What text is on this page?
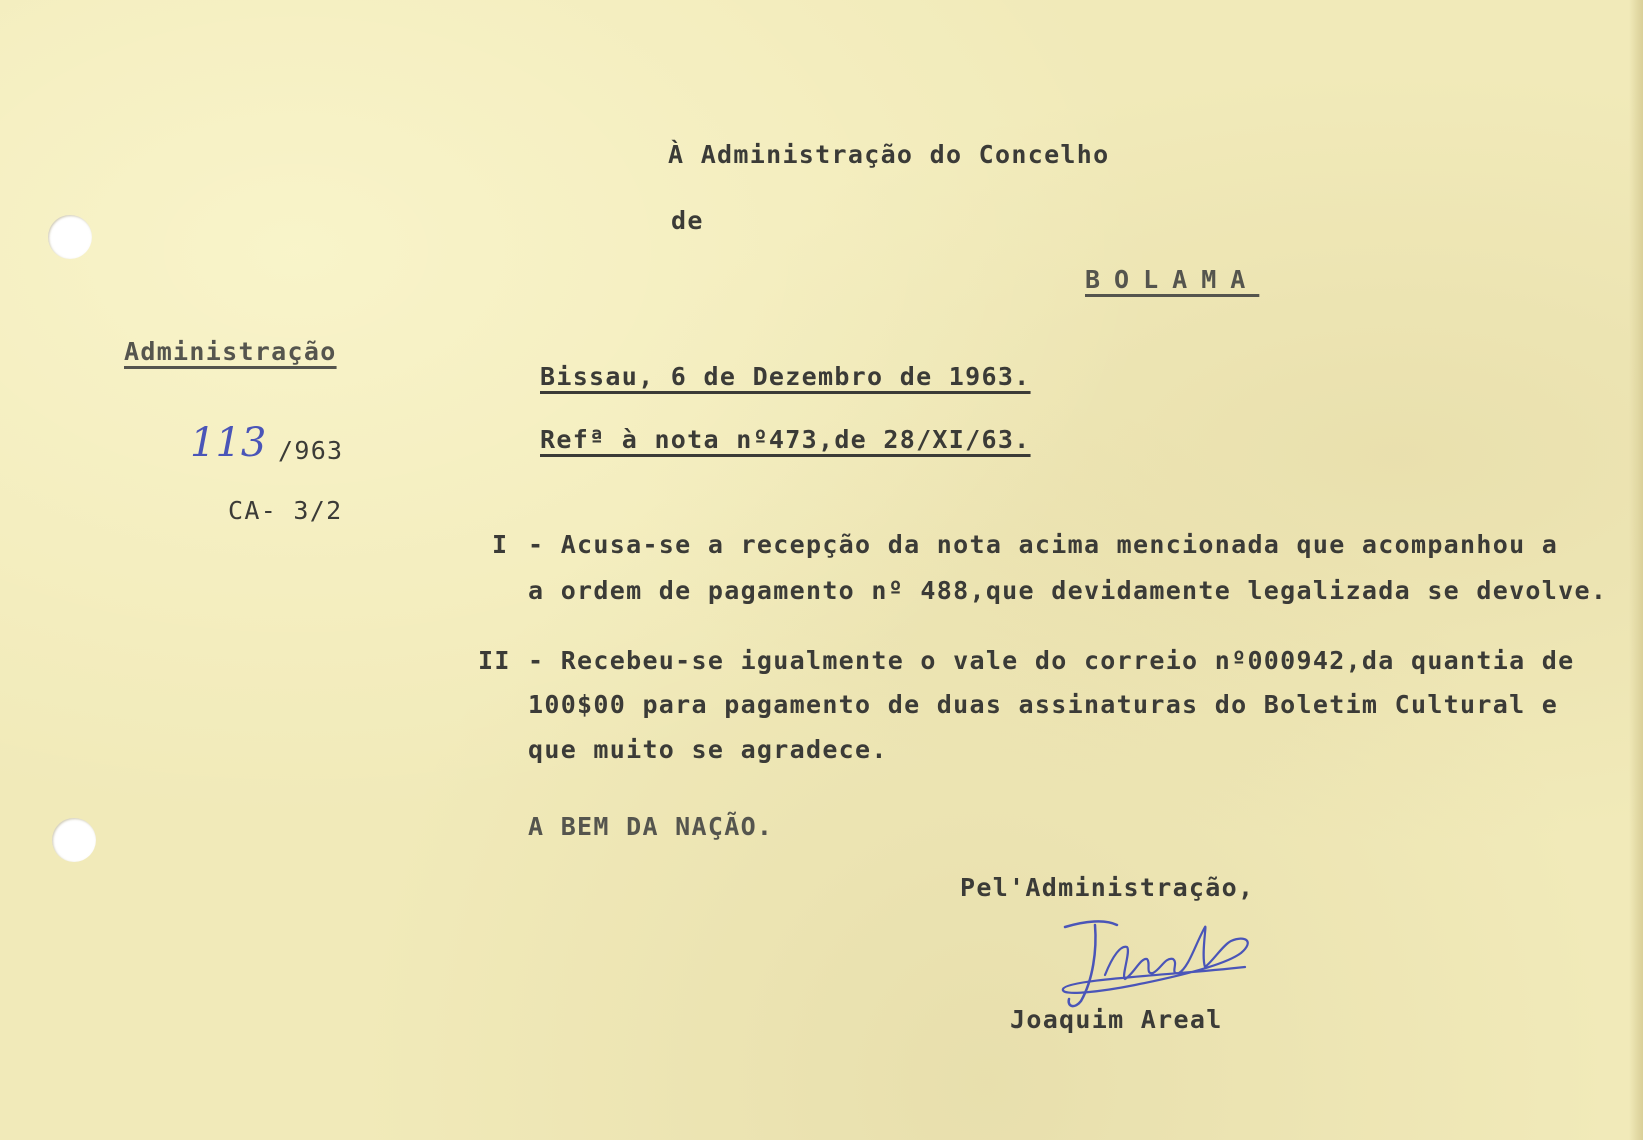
À Administração do Concelho
de
BOLAMA
Administração
113 /963
CA- 3/2
Bissau, 6 de Dezembro de 1963.
Refª à nota nº473,de 28/XI/63.
I - Acusa-se a recepção da nota acima mencionada que acompanhou a
a ordem de pagamento nº 488,que devidamente legalizada se devolve.
II - Recebeu-se igualmente o vale do correio nº000942,da quantia de
100$00 para pagamento de duas assinaturas do Boletim Cultural e
que muito se agradece.
A BEM DA NAÇÃO.
Pel'Administração,
Joaquim Areal
